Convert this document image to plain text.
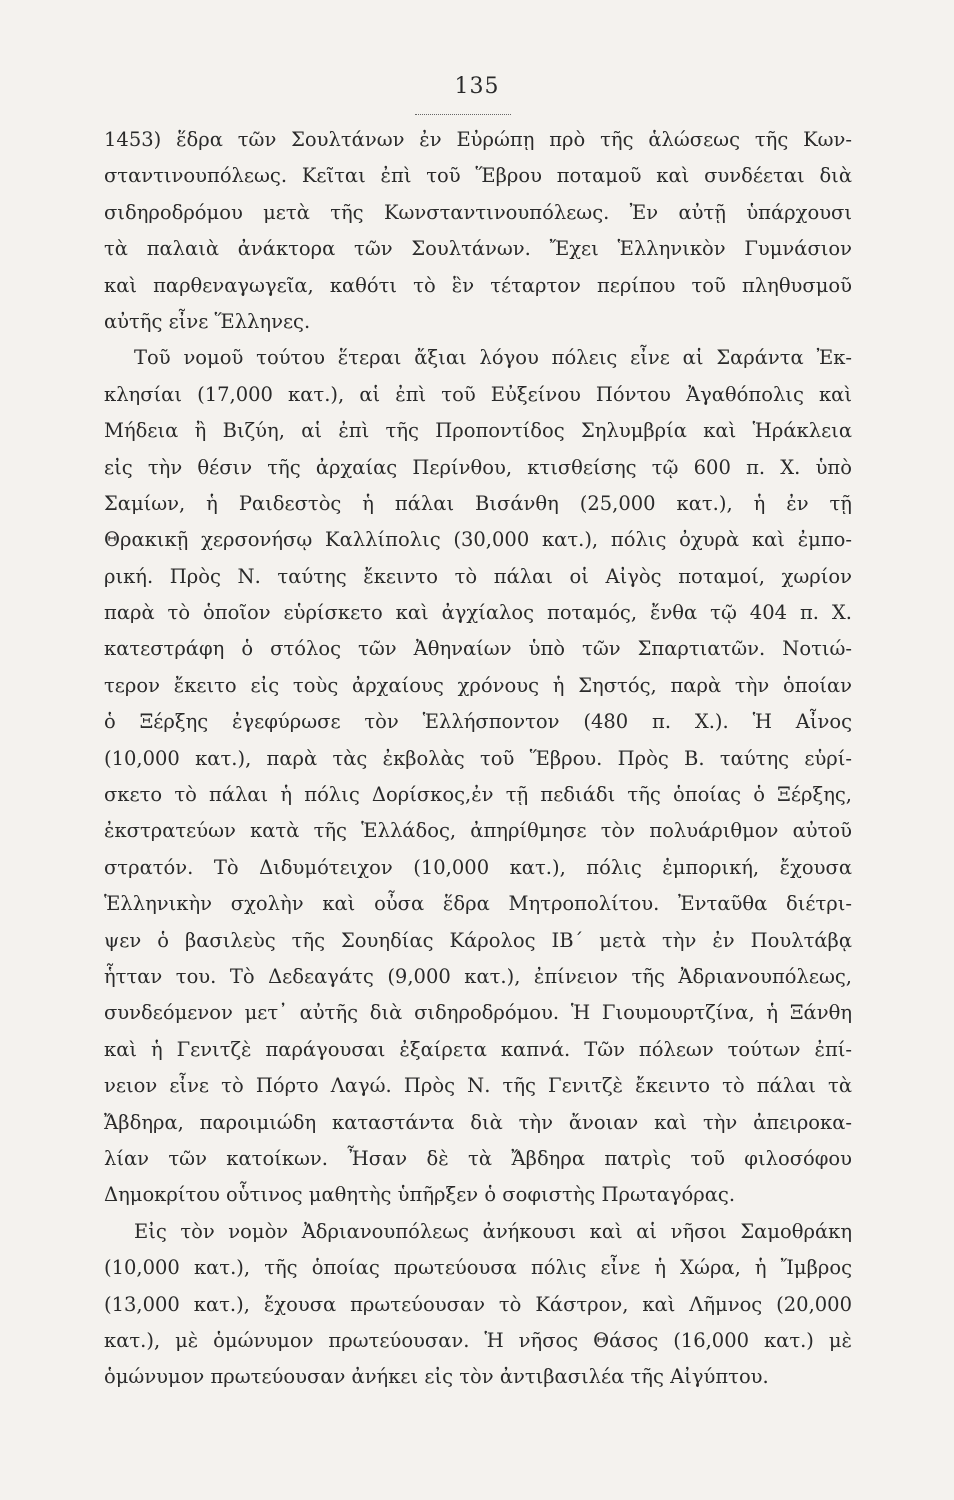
135
1453) ἕδρα τῶν Σουλτάνων ἐν Εὐρώπῃ πρὸ τῆς ἁλώσεως τῆς Κων-
σταντινουπόλεως. Κεῖται ἐπὶ τοῦ Ἕβρου ποταμοῦ καὶ συνδέεται διὰ
σιδηροδρόμου μετὰ τῆς Κωνσταντινουπόλεως. Ἐν αὐτῇ ὑπάρχουσι
τὰ παλαιὰ ἀνάκτορα τῶν Σουλτάνων. Ἔχει Ἑλληνικὸν Γυμνάσιον
καὶ παρθεναγωγεῖα, καθότι τὸ ἓν τέταρτον περίπου τοῦ πληθυσμοῦ
αὐτῆς εἶνε Ἕλληνες.
Τοῦ νομοῦ τούτου ἕτεραι ἄξιαι λόγου πόλεις εἶνε αἱ Σαράντα Ἐκ-
κλησίαι (17,000 κατ.), αἱ ἐπὶ τοῦ Εὐξείνου Πόντου Ἀγαθόπολις καὶ
Μήδεια ἢ Βιζύη, αἱ ἐπὶ τῆς Προποντίδος Σηλυμβρία καὶ Ἡράκλεια
εἰς τὴν θέσιν τῆς ἀρχαίας Περίνθου, κτισθείσης τῷ 600 π. Χ. ὑπὸ
Σαμίων, ἡ Ραιδεστὸς ἡ πάλαι Βισάνθη (25,000 κατ.), ἡ ἐν τῇ
Θρακικῇ χερσονήσῳ Καλλίπολις (30,000 κατ.), πόλις ὀχυρὰ καὶ ἐμπο-
ρική. Πρὸς Ν. ταύτης ἔκειντο τὸ πάλαι οἱ Αἰγὸς ποταμοί, χωρίον
παρὰ τὸ ὁποῖον εὑρίσκετο καὶ ἀγχίαλος ποταμός, ἔνθα τῷ 404 π. Χ.
κατεστράφη ὁ στόλος τῶν Ἀθηναίων ὑπὸ τῶν Σπαρτιατῶν. Νοτιώ-
τερον ἔκειτο εἰς τοὺς ἀρχαίους χρόνους ἡ Σηστός, παρὰ τὴν ὁποίαν
ὁ Ξέρξης ἐγεφύρωσε τὸν Ἑλλήσποντον (480 π. Χ.). Ἡ Αἶνος
(10,000 κατ.), παρὰ τὰς ἐκβολὰς τοῦ Ἕβρου. Πρὸς Β. ταύτης εὑρί-
σκετο τὸ πάλαι ἡ πόλις Δορίσκος,ἐν τῇ πεδιάδι τῆς ὁποίας ὁ Ξέρξης,
ἐκστρατεύων κατὰ τῆς Ἑλλάδος, ἀπηρίθμησε τὸν πολυάριθμον αὐτοῦ
στρατόν. Τὸ Διδυμότειχον (10,000 κατ.), πόλις ἐμπορική, ἔχουσα
Ἑλληνικὴν σχολὴν καὶ οὖσα ἕδρα Μητροπολίτου. Ἐνταῦθα διέτρι-
ψεν ὁ βασιλεὺς τῆς Σουηδίας Κάρολος ΙΒ΄ μετὰ τὴν ἐν Πουλτάβᾳ
ἧτταν του. Τὸ Δεδεαγάτς (9,000 κατ.), ἐπίνειον τῆς Ἀδριανουπόλεως,
συνδεόμενον μετ᾽ αὐτῆς διὰ σιδηροδρόμου. Ἡ Γιουμουρτζίνα, ἡ Ξάνθη
καὶ ἡ Γενιτζὲ παράγουσαι ἐξαίρετα καπνά. Τῶν πόλεων τούτων ἐπί-
νειον εἶνε τὸ Πόρτο Λαγώ. Πρὸς Ν. τῆς Γενιτζὲ ἔκειντο τὸ πάλαι τὰ
Ἄβδηρα, παροιμιώδη καταστάντα διὰ τὴν ἄνοιαν καὶ τὴν ἀπειροκα-
λίαν τῶν κατοίκων. Ἦσαν δὲ τὰ Ἄβδηρα πατρὶς τοῦ φιλοσόφου
Δημοκρίτου οὗτινος μαθητὴς ὑπῆρξεν ὁ σοφιστὴς Πρωταγόρας.
Εἰς τὸν νομὸν Ἀδριανουπόλεως ἀνήκουσι καὶ αἱ νῆσοι Σαμοθράκη
(10,000 κατ.), τῆς ὁποίας πρωτεύουσα πόλις εἶνε ἡ Χώρα, ἡ Ἴμβρος
(13,000 κατ.), ἔχουσα πρωτεύουσαν τὸ Κάστρον, καὶ Λῆμνος (20,000
κατ.), μὲ ὁμώνυμον πρωτεύουσαν. Ἡ νῆσος Θάσος (16,000 κατ.) μὲ
ὁμώνυμον πρωτεύουσαν ἀνήκει εἰς τὸν ἀντιβασιλέα τῆς Αἰγύπτου.
